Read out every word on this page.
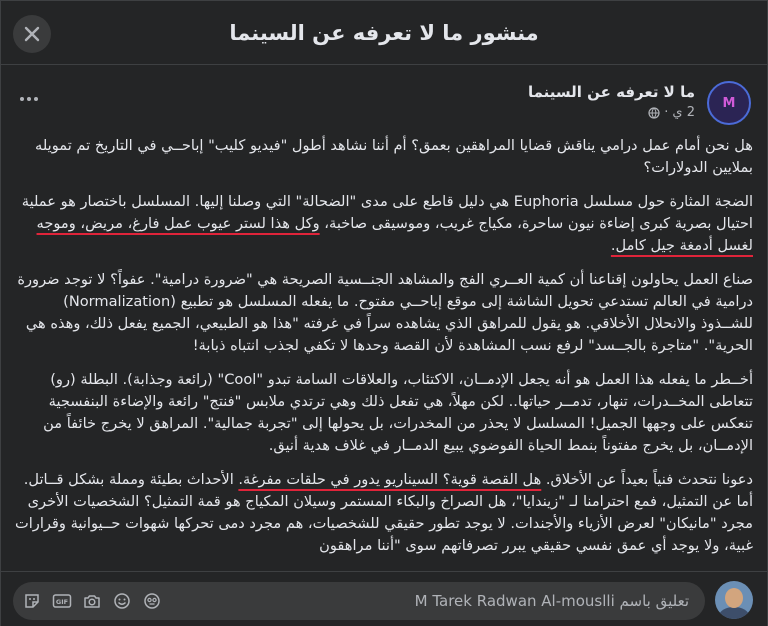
منشور ما لا تعرفه عن السينما
M
ما لا تعرفه عن السينما
2 ي
·

هل نحن أمام عمل درامي يناقش قضايا المراهقين بعمق؟ أم أننا نشاهد أطول "فيديو كليب" إباحــي في التاريخ تم تمويله بملايين الدولارات؟

الضجة المثارة حول مسلسل Euphoria هي دليل قاطع على مدى "الضحالة" التي وصلنا إليها. المسلسل باختصار هو عملية احتيال بصرية كبرى إضاءة نيون ساحرة، مكياج غريب، وموسيقى صاخبة، وكل هذا لستر عيوب عمل فارغ، مريض، وموجه لغسل أدمغة جيل كامل.

صناع العمل يحاولون إقناعنا أن كمية العــري الفج والمشاهد الجنــسية الصريحة هي "ضرورة درامية". عفواً؟ لا توجد ضرورة درامية في العالم تستدعي تحويل الشاشة إلى موقع إباحــي مفتوح. ما يفعله المسلسل هو تطبيع (Normalization) للشــذوذ والانحلال الأخلاقي. هو يقول للمراهق الذي يشاهده سراً في غرفته "هذا هو الطبيعي، الجميع يفعل ذلك، وهذه هي الحرية". "متاجرة بالجــسد" لرفع نسب المشاهدة لأن القصة وحدها لا تكفي لجذب انتباه ذبابة!

أخــطر ما يفعله هذا العمل هو أنه يجعل الإدمــان، الاكتئاب، والعلاقات السامة تبدو "Cool" (رائعة وجذابة). البطلة (رو) تتعاطى المخــدرات، تنهار، تدمــر حياتها.. لكن مهلاً، هي تفعل ذلك وهي ترتدي ملابس "فنتج" رائعة والإضاءة البنفسجية تنعكس على وجهها الجميل! المسلسل لا يحذر من المخدرات، بل يحولها إلى "تجربة جمالية". المراهق لا يخرج خائفاً من الإدمــان، بل يخرج مفتوناً بنمط الحياة الفوضوي يبيع الدمــار في غلاف هدية أنيق.

دعونا نتحدث فنياً بعيداً عن الأخلاق. هل القصة قوية؟ السيناريو يدور في حلقات مفرغة. الأحداث بطيئة ومملة بشكل قــاتل. أما عن التمثيل، فمع احترامنا لـ "زيندايا"، هل الصراخ والبكاء المستمر وسيلان المكياج هو قمة التمثيل؟ الشخصيات الأخرى مجرد "مانيكان" لعرض الأزياء والأجندات. لا يوجد تطور حقيقي للشخصيات، هم مجرد دمى تحركها شهوات حــيوانية وقرارات غبية، ولا يوجد أي عمق نفسي حقيقي يبرر تصرفاتهم سوى "أننا مراهقون

تعليق باسم M Tarek Radwan Al-mouslli
GIF
